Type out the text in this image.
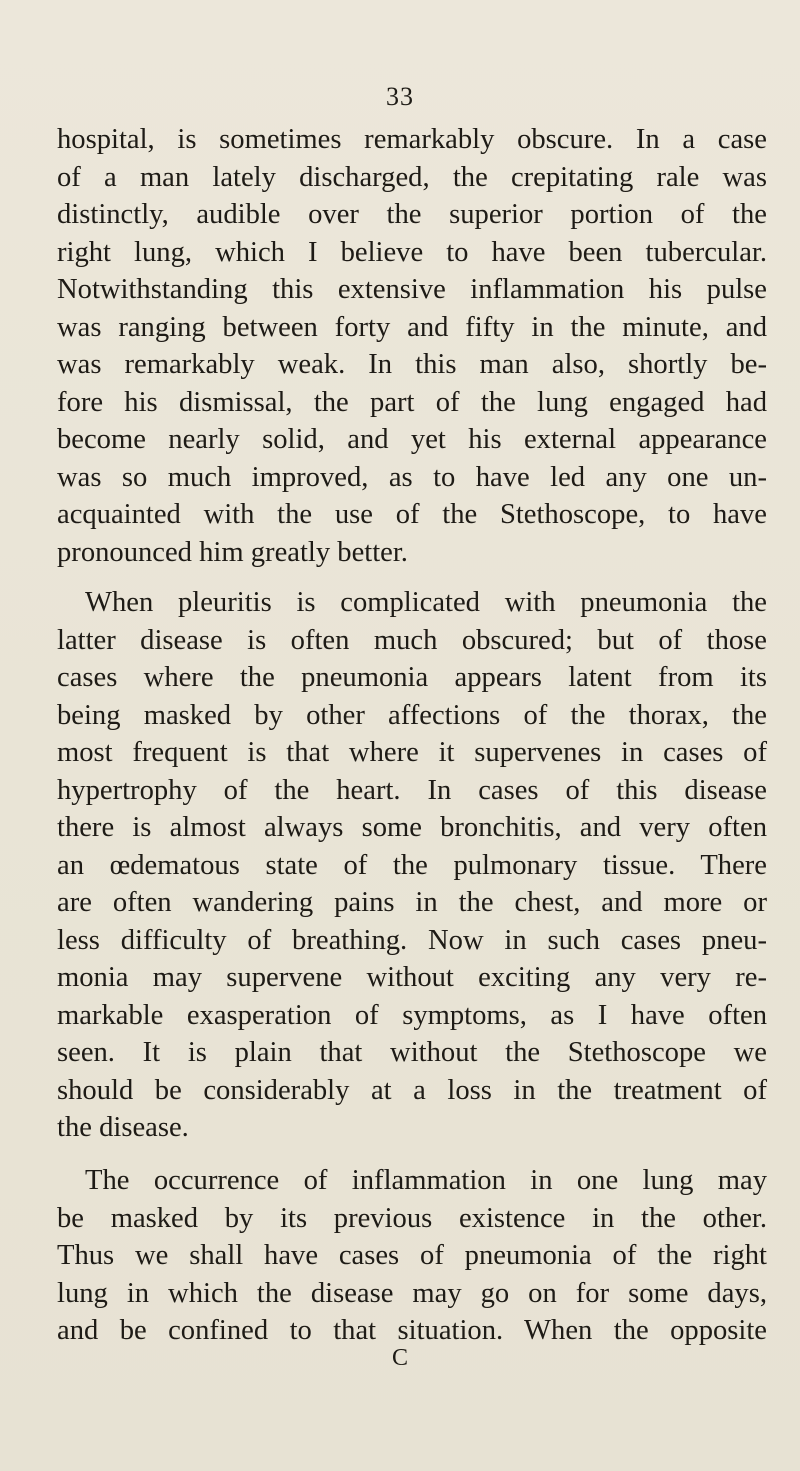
33
hospital, is sometimes remarkably obscure. In a case
of a man lately discharged, the crepitating rale was
distinctly, audible over the superior portion of the
right lung, which I believe to have been tubercular.
Notwithstanding this extensive inflammation his pulse
was ranging between forty and fifty in the minute, and
was remarkably weak. In this man also, shortly be-
fore his dismissal, the part of the lung engaged had
become nearly solid, and yet his external appearance
was so much improved, as to have led any one un-
acquainted with the use of the Stethoscope, to have
pronounced him greatly better.
When pleuritis is complicated with pneumonia the
latter disease is often much obscured; but of those
cases where the pneumonia appears latent from its
being masked by other affections of the thorax, the
most frequent is that where it supervenes in cases of
hypertrophy of the heart. In cases of this disease
there is almost always some bronchitis, and very often
an œdematous state of the pulmonary tissue. There
are often wandering pains in the chest, and more or
less difficulty of breathing. Now in such cases pneu-
monia may supervene without exciting any very re-
markable exasperation of symptoms, as I have often
seen. It is plain that without the Stethoscope we
should be considerably at a loss in the treatment of
the disease.
The occurrence of inflammation in one lung may
be masked by its previous existence in the other.
Thus we shall have cases of pneumonia of the right
lung in which the disease may go on for some days,
and be confined to that situation. When the opposite
C
